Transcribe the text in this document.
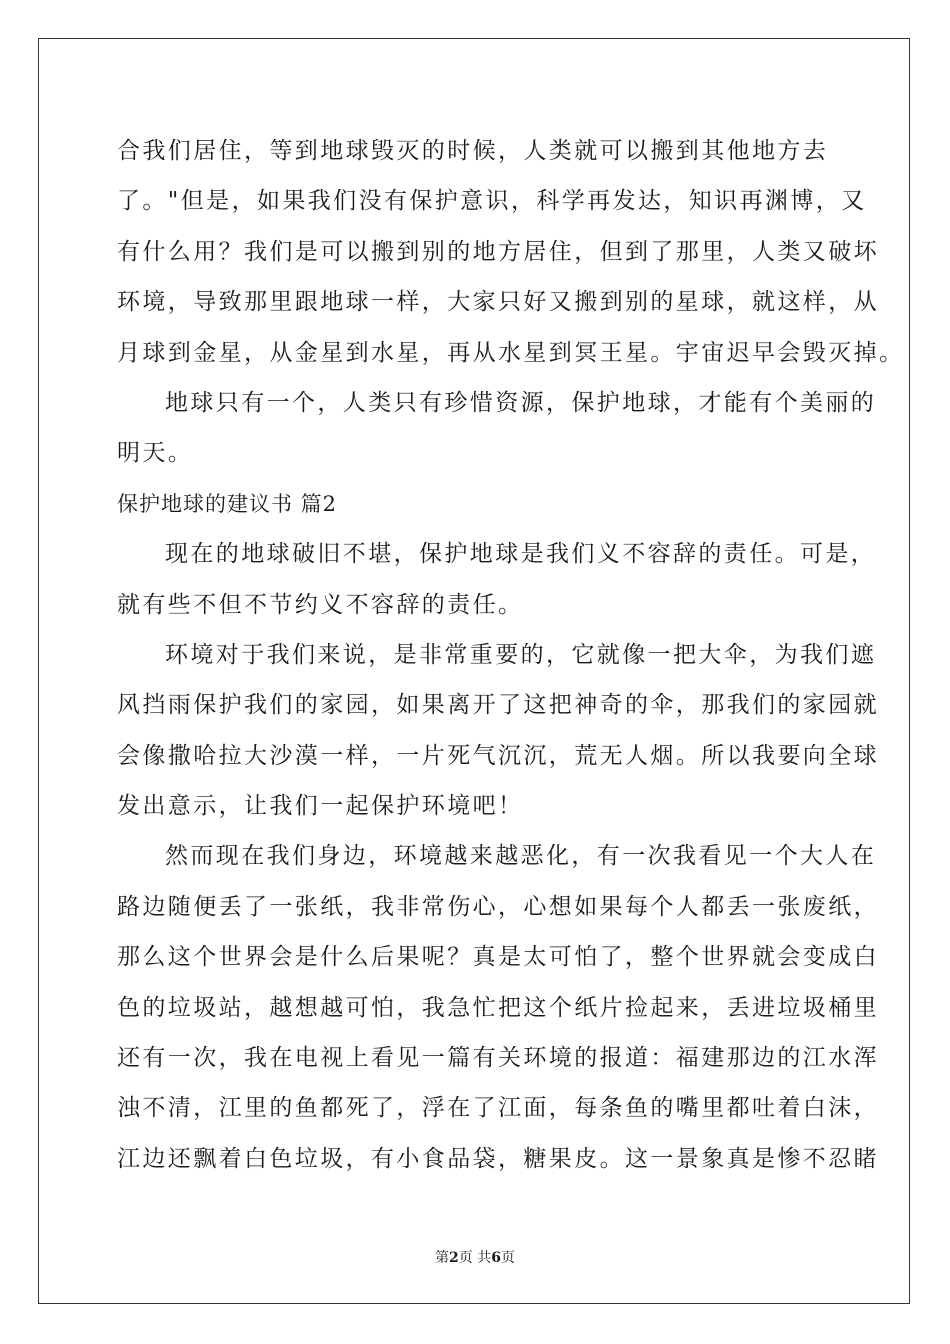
合我们居住，等到地球毁灭的时候，人类就可以搬到其他地方去

了。"但是，如果我们没有保护意识，科学再发达，知识再渊博，又

有什么用？我们是可以搬到别的地方居住，但到了那里，人类又破坏

环境，导致那里跟地球一样，大家只好又搬到别的星球，就这样，从

月球到金星，从金星到水星，再从水星到冥王星。宇宙迟早会毁灭掉。

地球只有一个，人类只有珍惜资源，保护地球，才能有个美丽的

明天。

保护地球的建议书 篇2

现在的地球破旧不堪，保护地球是我们义不容辞的责任。可是，

就有些不但不节约义不容辞的责任。

环境对于我们来说，是非常重要的，它就像一把大伞，为我们遮

风挡雨保护我们的家园，如果离开了这把神奇的伞，那我们的家园就

会像撒哈拉大沙漠一样，一片死气沉沉，荒无人烟。所以我要向全球

发出意示，让我们一起保护环境吧！

然而现在我们身边，环境越来越恶化，有一次我看见一个大人在

路边随便丢了一张纸，我非常伤心，心想如果每个人都丢一张废纸，

那么这个世界会是什么后果呢？真是太可怕了，整个世界就会变成白

色的垃圾站，越想越可怕，我急忙把这个纸片捡起来，丢进垃圾桶里

还有一次，我在电视上看见一篇有关环境的报道：福建那边的江水浑

浊不清，江里的鱼都死了，浮在了江面，每条鱼的嘴里都吐着白沫，

江边还飘着白色垃圾，有小食品袋，糖果皮。这一景象真是惨不忍睹

第2页 共6页
